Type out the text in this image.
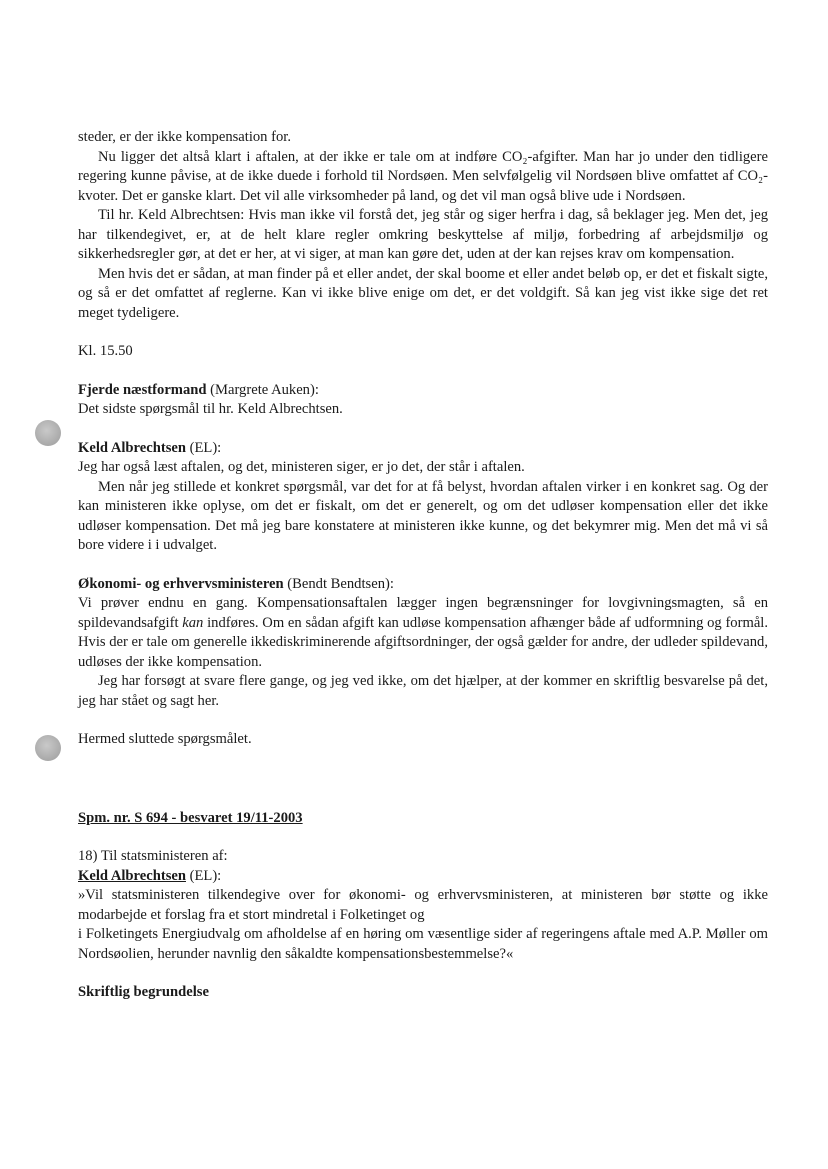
steder, er der ikke kompensation for.

Nu ligger det altså klart i aftalen, at der ikke er tale om at indføre CO₂-afgifter. Man har jo under den tidligere regering kunne påvise, at de ikke duede i forhold til Nordsøen. Men selvfølgelig vil Nordsøen blive omfattet af CO₂-kvoter. Det er ganske klart. Det vil alle virksomheder på land, og det vil man også blive ude i Nordsøen.

Til hr. Keld Albrechtsen: Hvis man ikke vil forstå det, jeg står og siger herfra i dag, så beklager jeg. Men det, jeg har tilkendegivet, er, at de helt klare regler omkring beskyttelse af miljø, forbedring af arbejdsmiljø og sikkerhedsregler gør, at det er her, at vi siger, at man kan gøre det, uden at der kan rejses krav om kompensation.

Men hvis det er sådan, at man finder på et eller andet, der skal boome et eller andet beløb op, er det et fiskalt sigte, og så er det omfattet af reglerne. Kan vi ikke blive enige om det, er det voldgift. Så kan jeg vist ikke sige det ret meget tydeligere.

Kl. 15.50

Fjerde næstformand (Margrete Auken):

Det sidste spørgsmål til hr. Keld Albrechtsen.

Keld Albrechtsen (EL):

Jeg har også læst aftalen, og det, ministeren siger, er jo det, der står i aftalen.

Men når jeg stillede et konkret spørgsmål, var det for at få belyst, hvordan aftalen virker i en konkret sag. Og der kan ministeren ikke oplyse, om det er fiskalt, om det er generelt, og om det udløser kompensation eller det ikke udløser kompensation. Det må jeg bare konstatere at ministeren ikke kunne, og det bekymrer mig. Men det må vi så bore videre i i udvalget.

Økonomi- og erhvervsministeren (Bendt Bendtsen):

Vi prøver endnu en gang. Kompensationsaftalen lægger ingen begrænsninger for lovgivningsmagten, så en spildevandsafgift kan indføres. Om en sådan afgift kan udløse kompensation afhænger både af udformning og formål. Hvis der er tale om generelle ikkediskriminerende afgiftsordninger, der også gælder for andre, der udleder spildevand, udløses der ikke kompensation.

Jeg har forsøgt at svare flere gange, og jeg ved ikke, om det hjælper, at der kommer en skriftlig besvarelse på det, jeg har stået og sagt her.

Hermed sluttede spørgsmålet.

Spm. nr. S 694 - besvaret 19/11-2003

18) Til statsministeren af:

Keld Albrechtsen (EL):

»Vil statsministeren tilkendegive over for økonomi- og erhvervsministeren, at ministeren bør støtte og ikke modarbejde et forslag fra et stort mindretal i Folketinget og

i Folketingets Energiudvalg om afholdelse af en høring om væsentlige sider af regeringens aftale med A.P. Møller om Nordsøolien, herunder navnlig den såkaldte kompensationsbestemmelse?«

Skriftlig begrundelse
